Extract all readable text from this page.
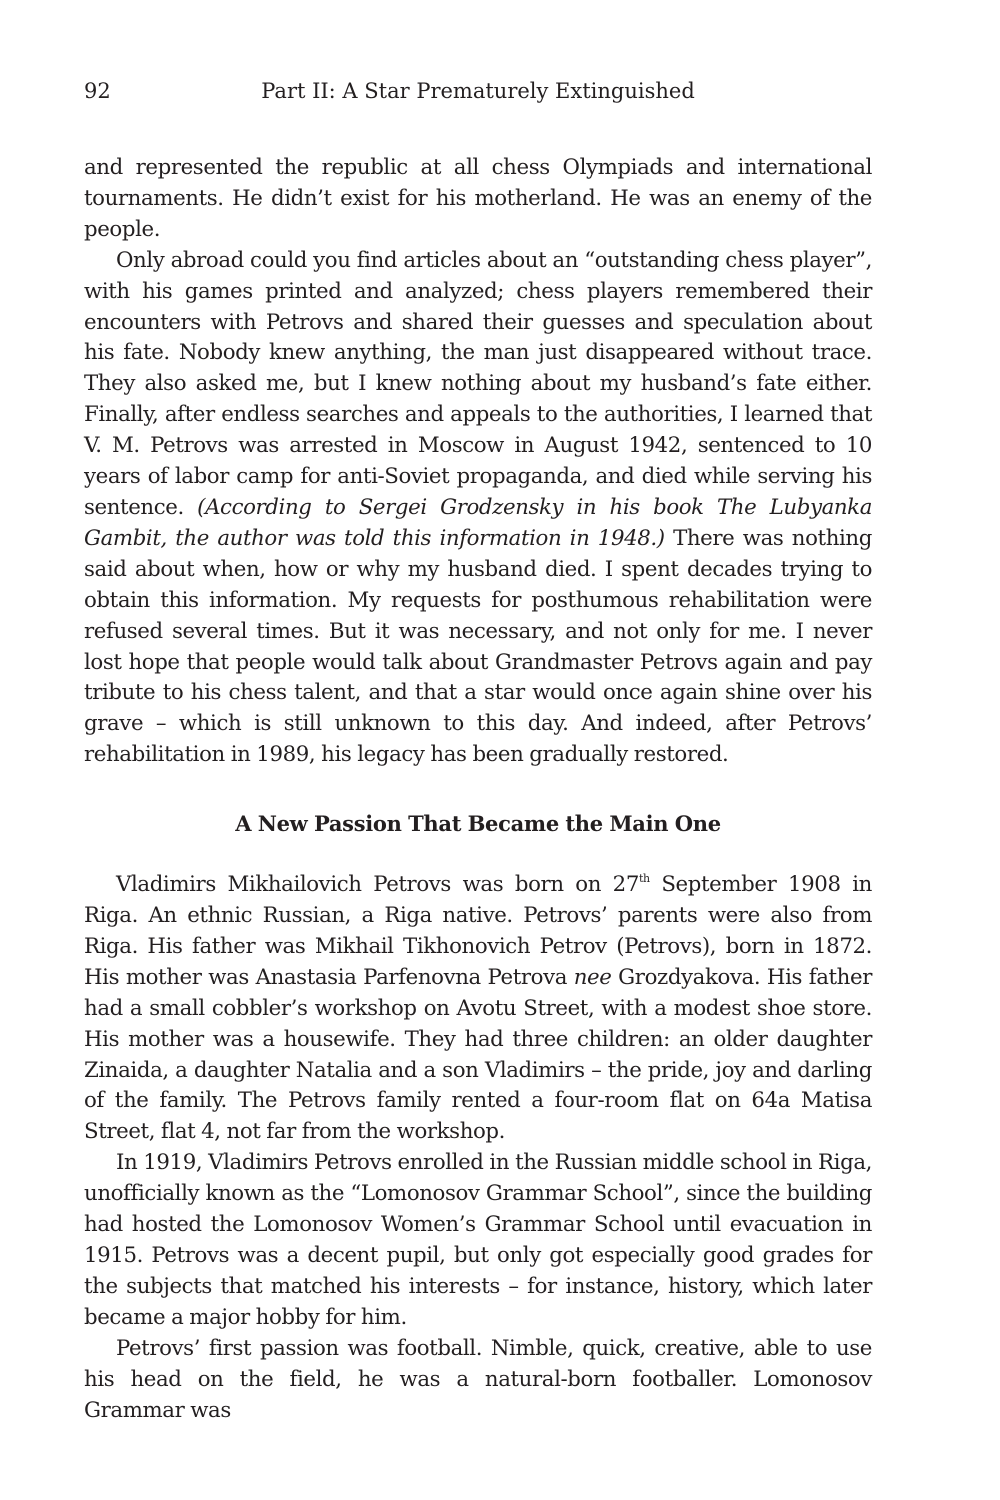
92	Part II: A Star Prematurely Extinguished

and represented the republic at all chess Olympiads and international tournaments. He didn’t exist for his motherland. He was an enemy of the people.

Only abroad could you find articles about an “outstanding chess player”, with his games printed and analyzed; chess players remembered their encounters with Petrovs and shared their guesses and speculation about his fate. Nobody knew anything, the man just disappeared without trace. They also asked me, but I knew nothing about my husband’s fate either. Finally, after endless searches and appeals to the authorities, I learned that V. M. Petrovs was arrested in Moscow in August 1942, sentenced to 10 years of labor camp for anti-Soviet propaganda, and died while serving his sentence. (According to Sergei Grodzensky in his book The Lubyanka Gambit, the author was told this information in 1948.) There was nothing said about when, how or why my husband died. I spent decades trying to obtain this information. My requests for posthumous rehabilitation were refused several times. But it was necessary, and not only for me. I never lost hope that people would talk about Grandmaster Petrovs again and pay tribute to his chess talent, and that a star would once again shine over his grave – which is still unknown to this day. And indeed, after Petrovs’ rehabilitation in 1989, his legacy has been gradually restored.

A New Passion That Became the Main One

Vladimirs Mikhailovich Petrovs was born on 27th September 1908 in Riga. An ethnic Russian, a Riga native. Petrovs’ parents were also from Riga. His father was Mikhail Tikhonovich Petrov (Petrovs), born in 1872. His mother was Anastasia Parfenovna Petrova nee Grozdyakova. His father had a small cobbler’s workshop on Avotu Street, with a modest shoe store. His mother was a housewife. They had three children: an older daughter Zinaida, a daughter Natalia and a son Vladimirs – the pride, joy and darling of the family. The Petrovs family rented a four-room flat on 64a Matisa Street, flat 4, not far from the workshop.

In 1919, Vladimirs Petrovs enrolled in the Russian middle school in Riga, unofficially known as the “Lomonosov Grammar School”, since the building had hosted the Lomonosov Women’s Grammar School until evacuation in 1915. Petrovs was a decent pupil, but only got especially good grades for the subjects that matched his interests – for instance, history, which later became a major hobby for him.

Petrovs’ first passion was football. Nimble, quick, creative, able to use his head on the field, he was a natural-born footballer. Lomonosov Grammar was
